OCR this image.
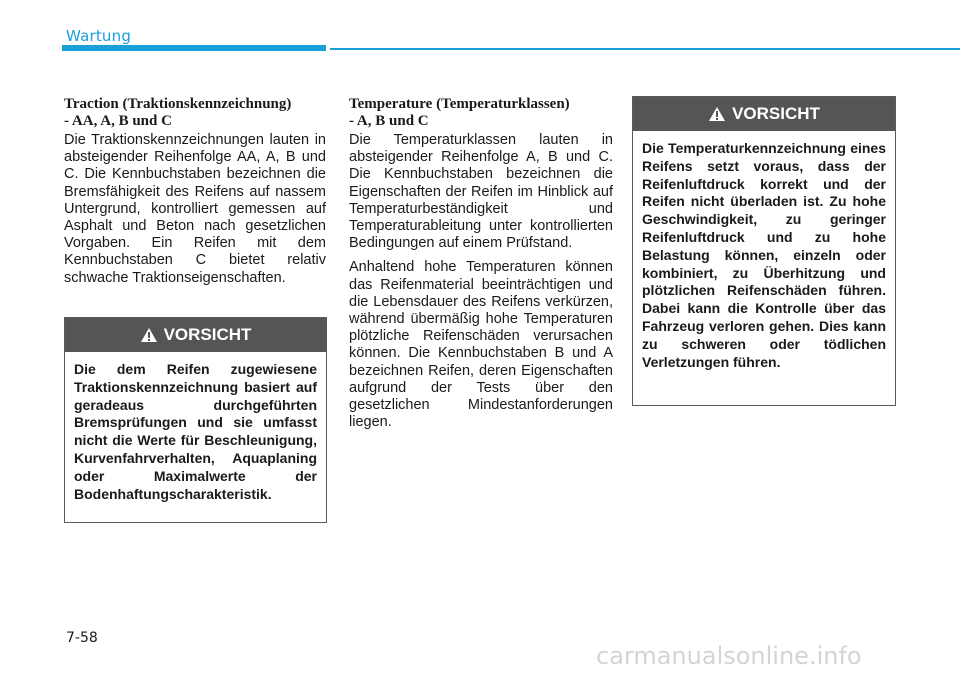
Wartung
Traction (Traktionskennzeichnung)
- AA, A, B und C

Die Traktionskennzeichnungen lauten in absteigender Reihenfolge AA, A, B und C. Die Kennbuchstaben bezeichnen die Bremsfähigkeit des Reifens auf nassem Untergrund, kontrolliert gemessen auf Asphalt und Beton nach gesetzlichen Vorgaben. Ein Reifen mit dem Kennbuchstaben C bietet relativ schwache Traktionseigenschaften.

VORSICHT
Die dem Reifen zugewiesene Traktionskennzeichnung basiert auf geradeaus durchgeführten Bremsprüfungen und sie umfasst nicht die Werte für Beschleunigung, Kurvenfahrverhalten, Aquaplaning oder Maximalwerte der Bodenhaftungscharakteristik.
Temperature (Temperaturklassen)
- A, B und C

Die Temperaturklassen lauten in absteigender Reihenfolge A, B und C. Die Kennbuchstaben bezeichnen die Eigenschaften der Reifen im Hinblick auf Temperaturbeständigkeit und Temperaturableitung unter kontrollierten Bedingungen auf einem Prüfstand.

Anhaltend hohe Temperaturen können das Reifenmaterial beeinträchtigen und die Lebensdauer des Reifens verkürzen, während übermäßig hohe Temperaturen plötzliche Reifenschäden verursachen können. Die Kennbuchstaben B und A bezeichnen Reifen, deren Eigenschaften aufgrund der Tests über den gesetzlichen Mindestanforderungen liegen.

VORSICHT
Die Temperaturkennzeichnung eines Reifens setzt voraus, dass der Reifenluftdruck korrekt und der Reifen nicht überladen ist. Zu hohe Geschwindigkeit, zu geringer Reifenluftdruck und zu hohe Belastung können, einzeln oder kombiniert, zu Überhitzung und plötzlichen Reifenschäden führen. Dabei kann die Kontrolle über das Fahrzeug verloren gehen. Dies kann zu schweren oder tödlichen Verletzungen führen.
7-58
carmanualsonline.info
